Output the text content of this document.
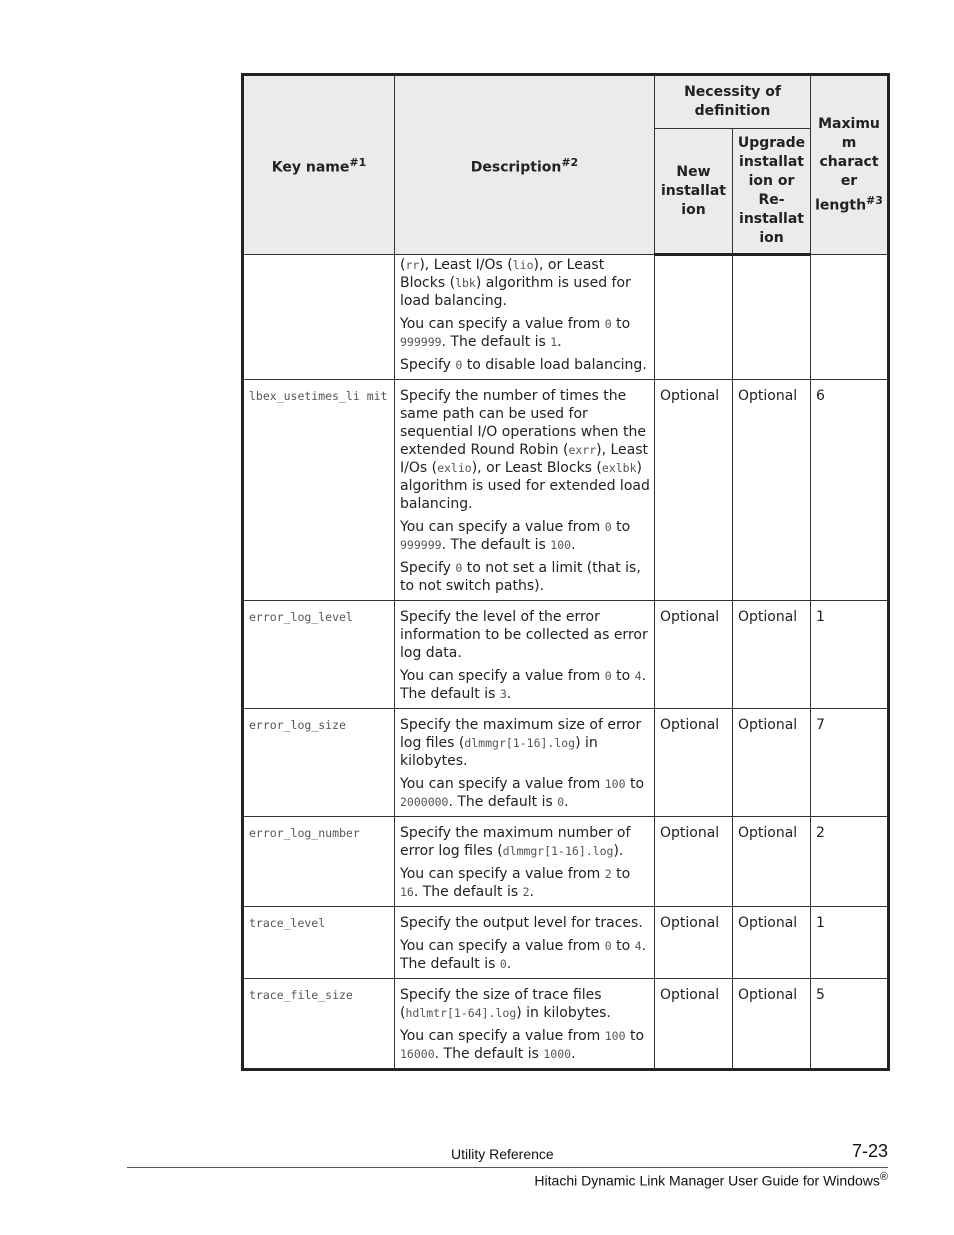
Key name$^{\#1}$	Description$^{\#2}$	Necessity of definition		Maximu m charact er length$^{\#3}$
		New installat ion	Upgrade installat ion or Re- installat ion	

	(rr), Least I/Os (lio), or Least Blocks (lbk) algorithm is used for load balancing.

You can specify a value from 0 to 999999. The default is 1.

Specify 0 to disable load balancing.			

lbex_usetimes_li mit	Specify the number of times the same path can be used for sequential I/O operations when the extended Round Robin (exrr), Least I/Os (exlio), or Least Blocks (exlbk) algorithm is used for extended load balancing.

You can specify a value from 0 to 999999. The default is 100.

Specify 0 to not set a limit (that is, to not switch paths).	Optional	Optional	6
error_log_level	Specify the level of the error information to be collected as error log data.

You can specify a value from 0 to 4. The default is 3.	Optional	Optional	1
error_log_size	Specify the maximum size of error log files (dlmmgr[1-16].log) in kilobytes.

You can specify a value from 100 to 2000000. The default is 0.	Optional	Optional	7
error_log_number	Specify the maximum number of error log files (dlmmgr[1-16].log).

You can specify a value from 2 to 16. The default is 2.	Optional	Optional	2
trace_level	Specify the output level for traces.

You can specify a value from 0 to 4. The default is 0.	Optional	Optional	1
trace_file_size	Specify the size of trace files (hdlmtr[1-64].log) in kilobytes.

You can specify a value from 100 to 16000. The default is 1000.	Optional	Optional	5
Utility Reference	7-23
Hitachi Dynamic Link Manager User Guide for Windows®
